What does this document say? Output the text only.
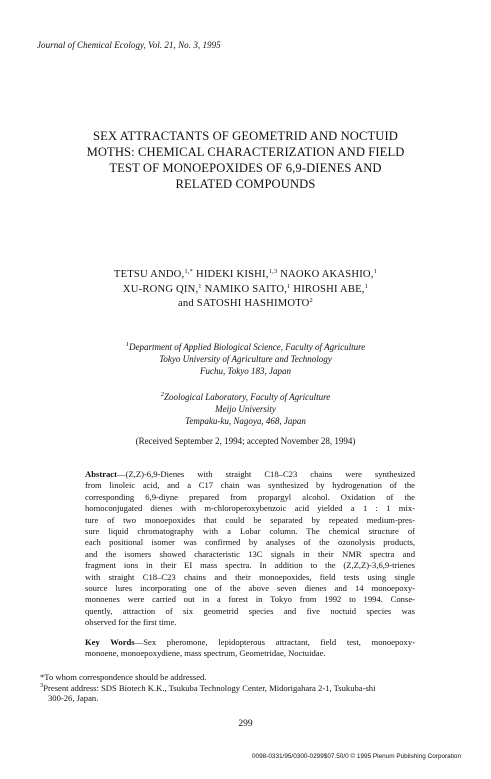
Journal of Chemical Ecology, Vol. 21, No. 3, 1995
SEX ATTRACTANTS OF GEOMETRID AND NOCTUID
MOTHS: CHEMICAL CHARACTERIZATION AND FIELD
TEST OF MONOEPOXIDES OF 6,9-DIENES AND
RELATED COMPOUNDS
TETSU ANDO,$^{1,*}$ HIDEKI KISHI,$^{1,3}$ NAOKO AKASHIO,$^1$
XU-RONG QIN,$^1$ NAMIKO SAITO,$^1$ HIROSHI ABE,$^1$
and SATOSHI HASHIMOTO$^2$
$^1$Department of Applied Biological Science, Faculty of Agriculture
Tokyo University of Agriculture and Technology
Fuchu, Tokyo 183, Japan
$^2$Zoological Laboratory, Faculty of Agriculture
Meijo University
Tempaku-ku, Nagoya, 468, Japan
(Received September 2, 1994; accepted November 28, 1994)
Abstract—(Z,Z)-6,9-Dienes with straight C18–C23 chains were synthesized
from linoleic acid, and a C17 chain was synthesized by hydrogenation of the
corresponding 6,9-diyne prepared from propargyl alcohol. Oxidation of the
homoconjugated dienes with m-chloroperoxybenzoic acid yielded a 1 : 1 mix-
ture of two monoepoxides that could be separated by repeated medium-pres-
sure liquid chromatography with a Lobar column. The chemical structure of
each positional isomer was confirmed by analyses of the ozonolysis products,
and the isomers showed characteristic 13C signals in their NMR spectra and
fragment ions in their EI mass spectra. In addition to the (Z,Z,Z)-3,6,9-trienes
with straight C18–C23 chains and their monoepoxides, field tests using single
source lures incorporating one of the above seven dienes and 14 monoepoxy-
monoenes were carried out in a forest in Tokyo from 1992 to 1994. Conse-
quently, attraction of six geometrid species and five noctuid species was
observed for the first time.
Key Words—Sex pheromone, lepidopterous attractant, field test, monoepoxy-
monoene, monoepoxydiene, mass spectrum, Geometridae, Noctuidae.
*To whom correspondence should be addressed.
$^3$Present address: SDS Biotech K.K., Tsukuba Technology Center, Midorigahara 2-1, Tsukuba-shi
300-26, Japan.
299
0098-0331/95/0300-0299$07.50/0 © 1995 Plenum Publishing Corporation
